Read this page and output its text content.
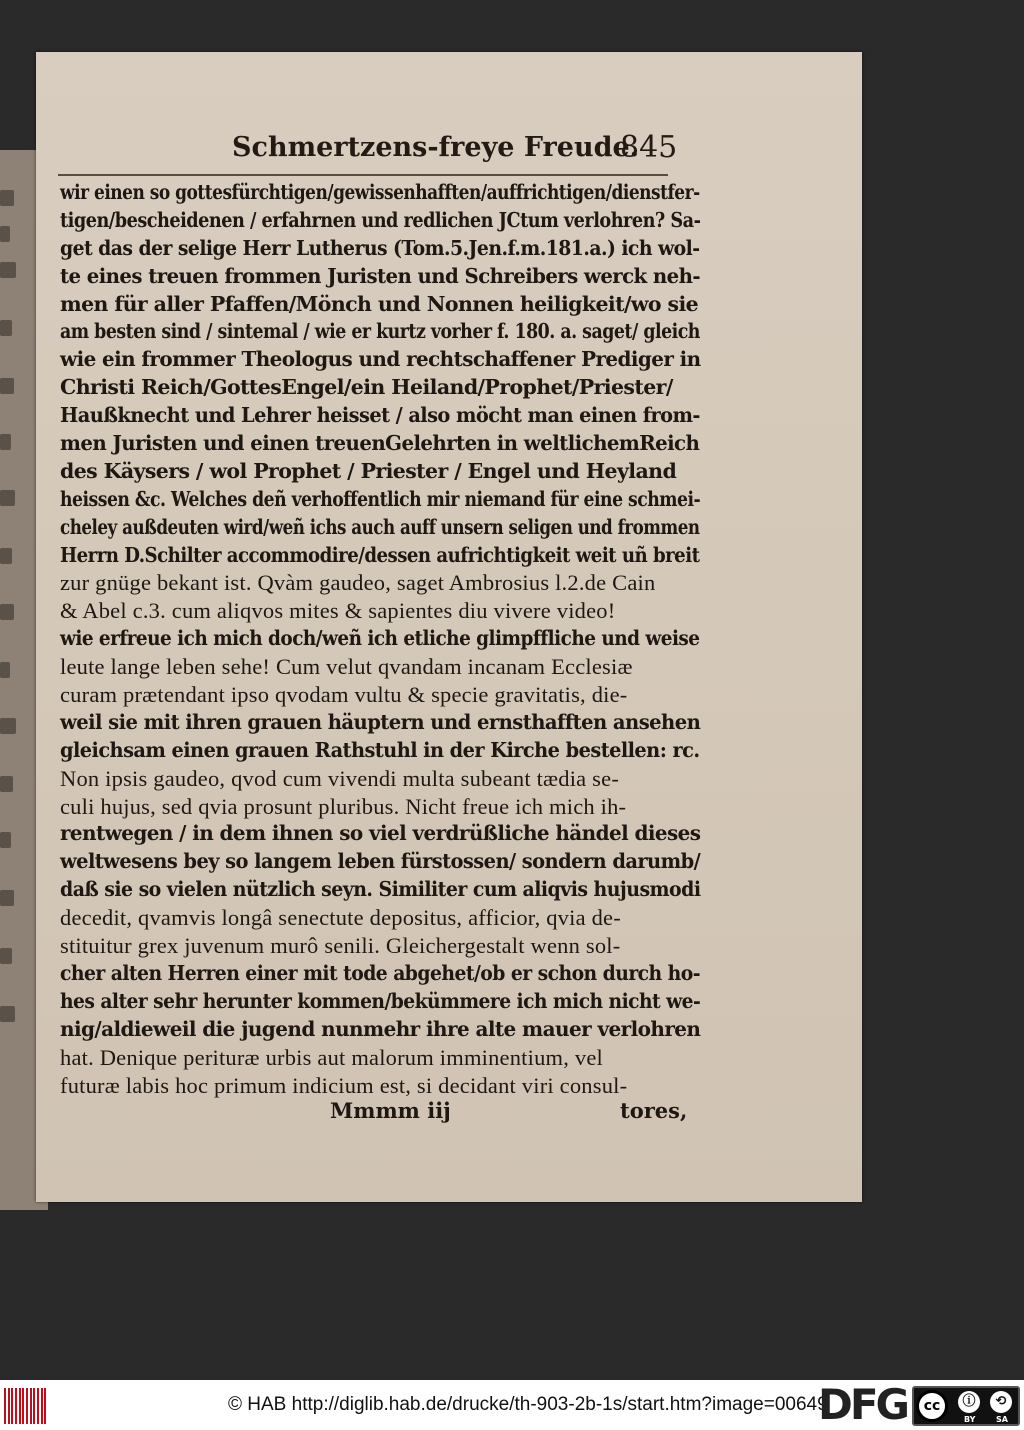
Schmertzens-freye Freude.
845
wir einen so gottesfürchtigen/gewissenhafften/auffrichtigen/dienstfer-
tigen/bescheidenen / erfahrnen und redlichen JCtum verlohren? Sa-
get das der selige Herr Lutherus (Tom.5.Jen.f.m.181.a.) ich wol-
te eines treuen frommen Juristen und Schreibers werck neh-
men für aller Pfaffen/Mönch und Nonnen heiligkeit/wo sie
am besten sind / sintemal / wie er kurtz vorher f. 180. a. saget/ gleich
wie ein frommer Theologus und rechtschaffener Prediger in
Christi Reich/GottesEngel/ein Heiland/Prophet/Priester/
Haußknecht und Lehrer heisset / also möcht man einen from-
men Juristen und einen treuenGelehrten in weltlichemReich
des Käysers / wol Prophet / Priester / Engel und Heyland
heissen &c. Welches deñ verhoffentlich mir niemand für eine schmei-
cheley außdeuten wird/weñ ichs auch auff unsern seligen und frommen
Herrn D.Schilter accommodire/dessen aufrichtigkeit weit uñ breit
zur gnüge bekant ist. Qvàm gaudeo, saget Ambrosius l.2.de Cain
& Abel c.3. cum aliqvos mites & sapientes diu vivere video!
wie erfreue ich mich doch/weñ ich etliche glimpffliche und weise
leute lange leben sehe! Cum velut qvandam incanam Ecclesiæ
curam prætendant ipso qvodam vultu & specie gravitatis, die-
weil sie mit ihren grauen häuptern und ernsthafften ansehen
gleichsam einen grauen Rathstuhl in der Kirche bestellen: rc.
Non ipsis gaudeo, qvod cum vivendi multa subeant tædia se-
culi hujus, sed qvia prosunt pluribus. Nicht freue ich mich ih-
rentwegen / in dem ihnen so viel verdrüßliche händel dieses
weltwesens bey so langem leben fürstossen/ sondern darumb/
daß sie so vielen nützlich seyn. Similiter cum aliqvis hujusmodi
decedit, qvamvis longâ senectute depositus, afficior, qvia de-
stituitur grex juvenum murô senili. Gleichergestalt wenn sol-
cher alten Herren einer mit tode abgehet/ob er schon durch ho-
hes alter sehr herunter kommen/bekümmere ich mich nicht we-
nig/aldieweil die jugend nunmehr ihre alte mauer verlohren
hat. Denique perituræ urbis aut malorum imminentium, vel
futuræ labis hoc primum indicium est, si decidant viri consul-
Mmmm iij	tores,
© HAB http://diglib.hab.de/drucke/th-903-2b-1s/start.htm?image=00649
DFG	cc	ⓘ	⟲
BY	SA
